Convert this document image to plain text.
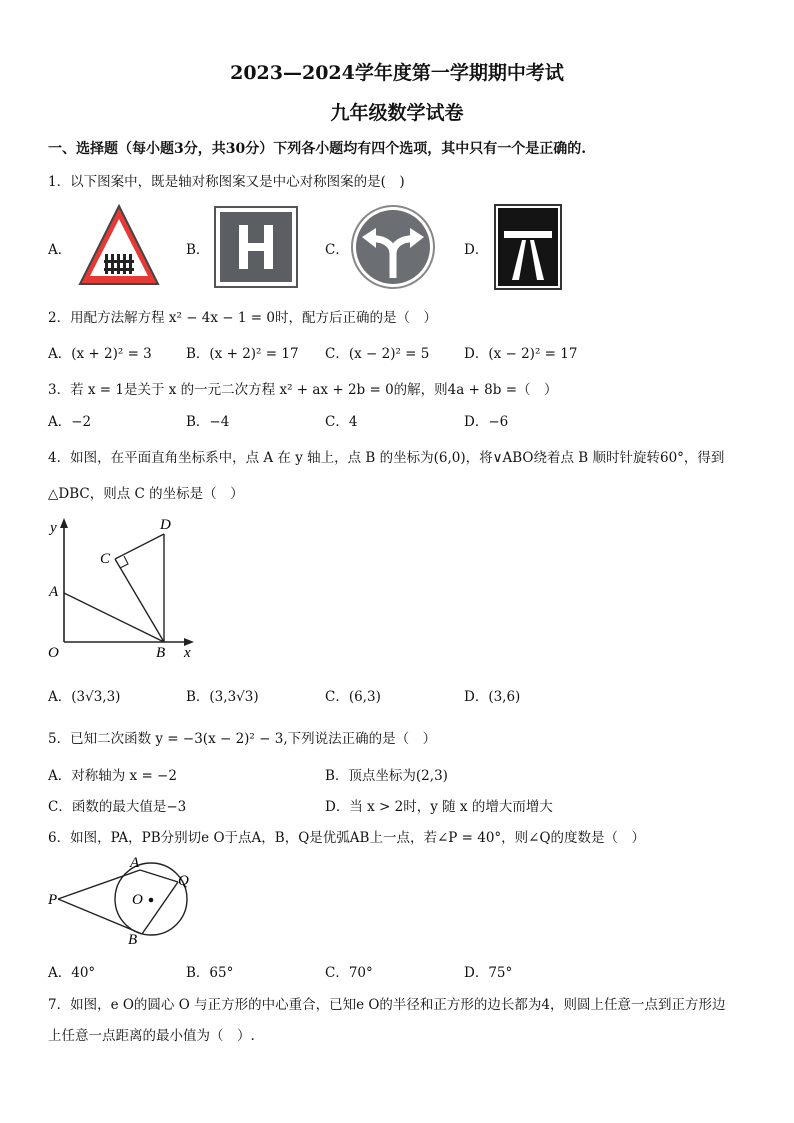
2023—2024学年度第一学期期中考试
九年级数学试卷
一、选择题（每小题3分，共30分）下列各小题均有四个选项，其中只有一个是正确的.
1．以下图案中，既是轴对称图案又是中心对称图案的是(　)
A．	B．	C．	D．
2．用配方法解方程 x² − 4x − 1 = 0时，配方后正确的是（　）
A．(x + 2)² = 3	B．(x + 2)² = 17 C．(x − 2)² = 5	D．(x − 2)² = 17
3．若 x = 1是关于 x 的一元二次方程 x² + ax + 2b = 0的解，则4a + 8b =（　）
A．−2	B．−4	C．4	D．−6
4．如图，在平面直角坐标系中，点 A 在 y 轴上，点 B 的坐标为(6,0)，将∨ABO绕着点 B 顺时针旋转60°，得到
△DBC，则点 C 的坐标是（　）
y
x
O
A
B
C
D
A．(3√3,3)	B．(3,3√3)	C．(6,3)	D．(3,6)
5．已知二次函数 y = −3(x − 2)² − 3,下列说法正确的是（　）
A．对称轴为 x = −2	B．顶点坐标为(2,3)
C．函数的最大值是−3	D．当 x > 2时，y 随 x 的增大而增大
6．如图，PA，PB分别切e O于点A，B，Q是优弧AB上一点，若∠P = 40°，则∠Q的度数是（　）
P
A
B
Q
O
A．40°	B．65°	C．70°	D．75°
7．如图，e O的圆心 O 与正方形的中心重合，已知e O的半径和正方形的边长都为4，则圆上任意一点到正方形边
上任意一点距离的最小值为（　）.
